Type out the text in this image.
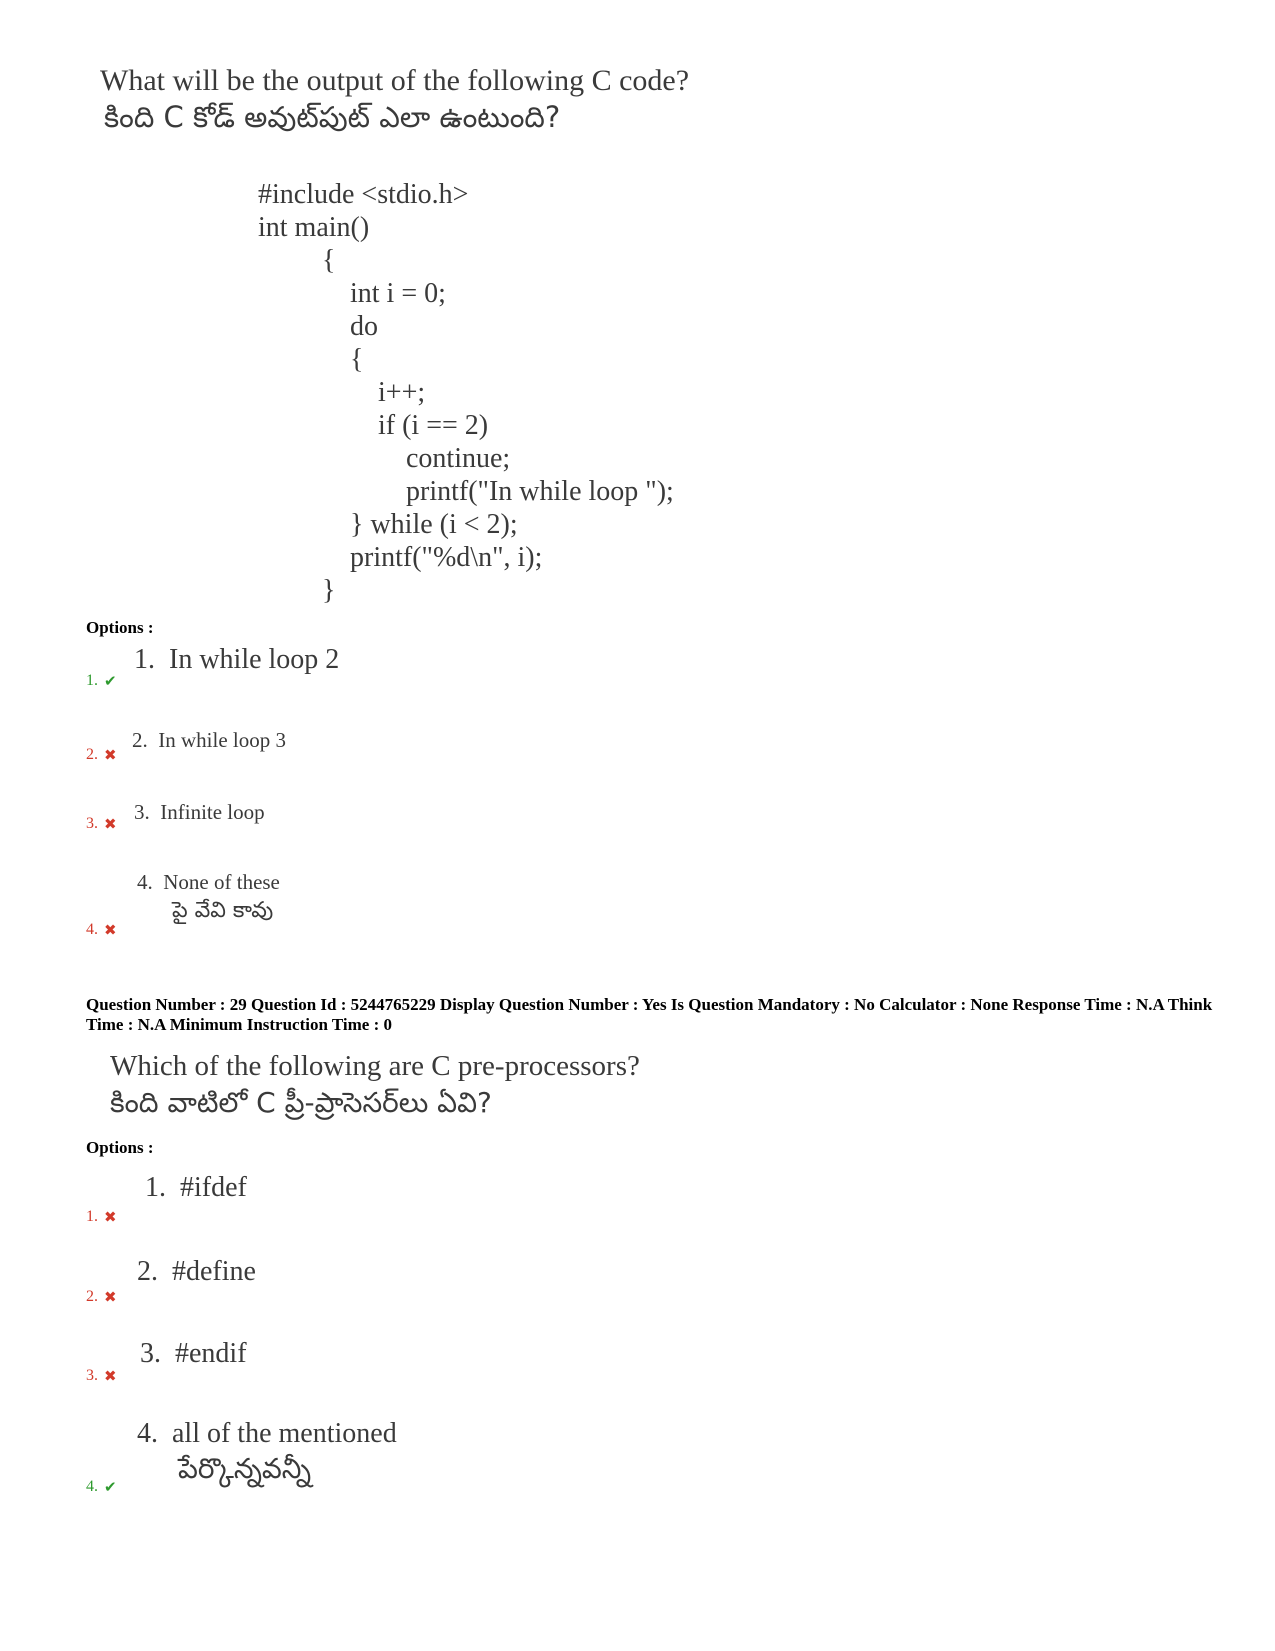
What will be the output of the following C code?
కింది C కోడ్ అవుట్‌పుట్ ఎలా ఉంటుంది?
#include <stdio.h>
int main()
{
int i = 0;
do
{
i++;
if (i == 2)
continue;
printf("In while loop ");
} while (i < 2);
printf("%d\n", i);
}
Options :
1. In while loop 2
1. ✔
2. In while loop 3
2. ✖
3. Infinite loop
3. ✖
4. None of these
పై వేవి కావు
4. ✖
Question Number : 29 Question Id : 5244765229 Display Question Number : Yes Is Question Mandatory : No Calculator : None Response Time : N.A Think Time : N.A Minimum Instruction Time : 0
Which of the following are C pre-processors?
కింది వాటిలో C ప్రీ-ప్రాసెసర్‌లు ఏవి?
Options :
1. #ifdef
1. ✖
2. #define
2. ✖
3. #endif
3. ✖
4. all of the mentioned
పేర్కొన్నవన్నీ
4. ✔
